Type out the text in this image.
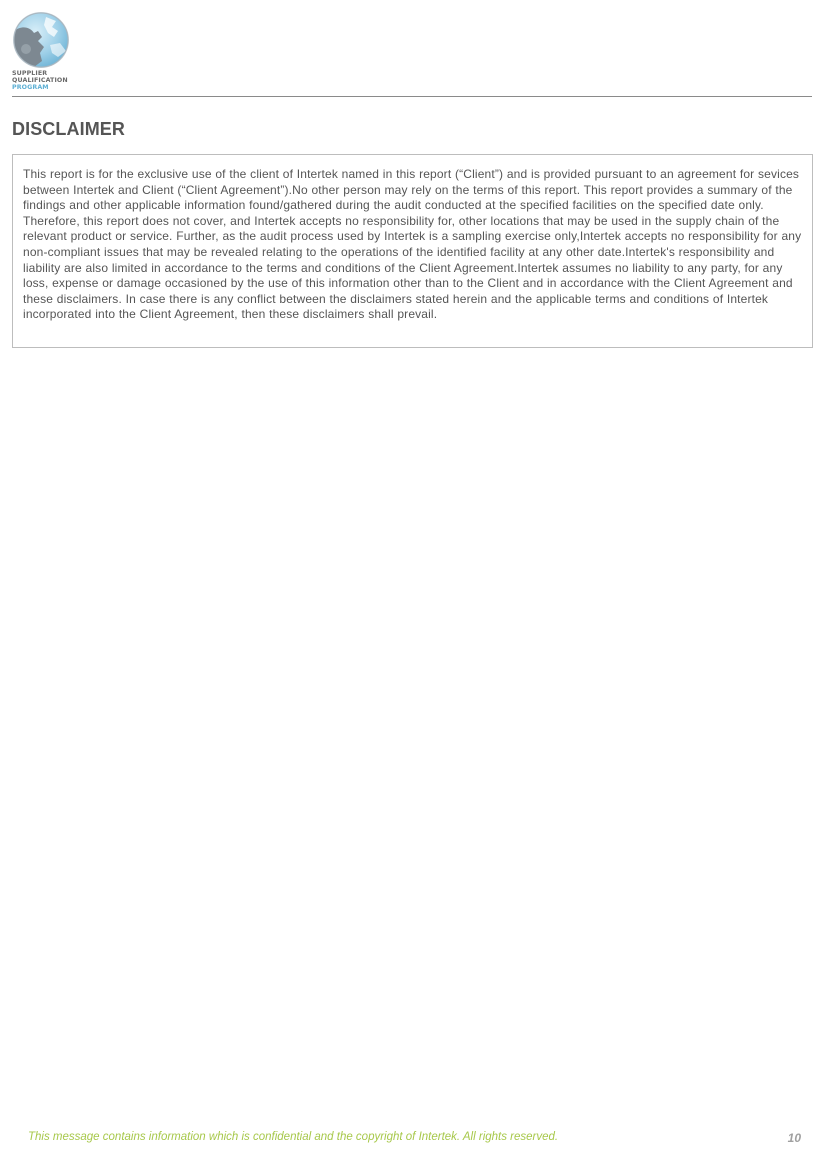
SUPPLIER
QUALIFICATION
PROGRAM
DISCLAIMER

This report is for the exclusive use of the client of Intertek named in this report (“Client”) and is provided pursuant to an agreement for sevices between Intertek and Client (“Client Agreement”).No other person may rely on the terms of this report. This report provides a summary of the findings and other applicable information found/gathered during the audit conducted at the specified facilities on the specified date only. Therefore, this report does not cover, and Intertek accepts no responsibility for, other locations that may be used in the supply chain of the relevant product or service. Further, as the audit process used by Intertek is a sampling exercise only,Intertek accepts no responsibility for any non-compliant issues that may be revealed relating to the operations of the identified facility at any other date.Intertek's responsibility and liability are also limited in accordance to the terms and conditions of the Client Agreement.Intertek assumes no liability to any party, for any loss, expense or damage occasioned by the use of this information other than to the Client and in accordance with the Client Agreement and these disclaimers. In case there is any conflict between the disclaimers stated herein and the applicable terms and conditions of Intertek incorporated into the Client Agreement, then these disclaimers shall prevail.

This message contains information which is confidential and the copyright of Intertek. All rights reserved.	10
